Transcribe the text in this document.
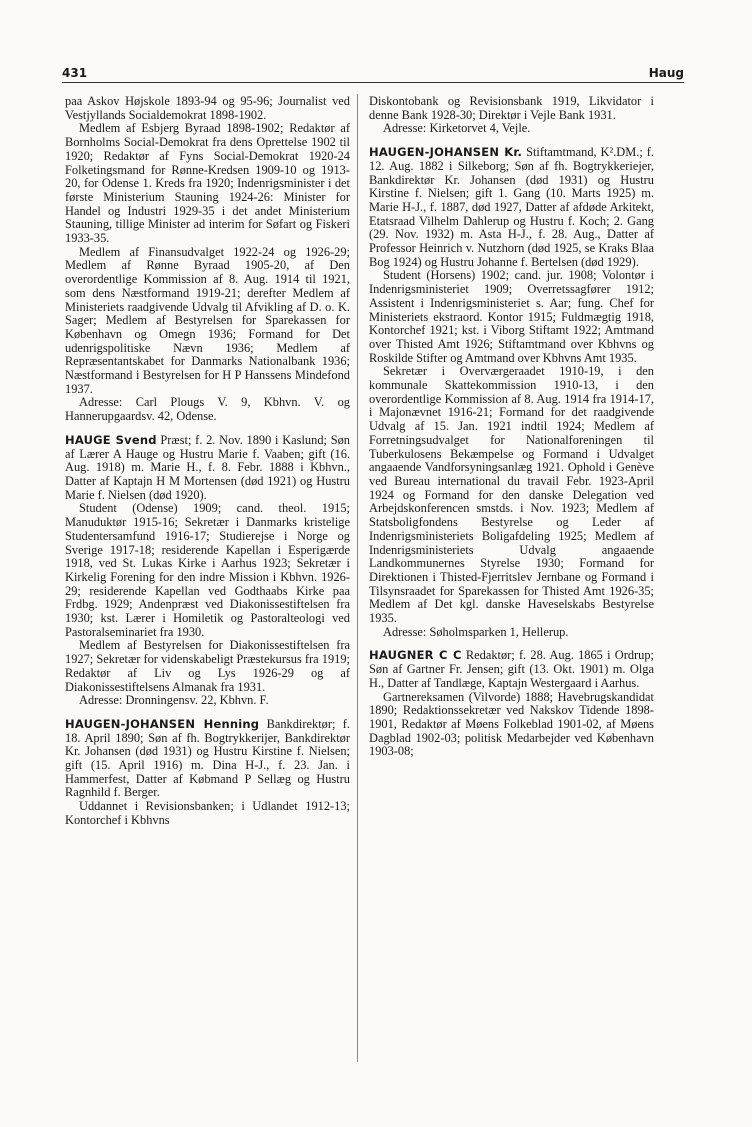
431	Haug

paa Askov Højskole 1893-94 og 95-96; Journalist ved Vestjyllands Socialdemokrat 1898-1902.

Medlem af Esbjerg Byraad 1898-1902; Redaktør af Bornholms Social-Demokrat fra dens Oprettelse 1902 til 1920; Redaktør af Fyns Social-Demokrat 1920-24 Folketingsmand for Rønne-Kredsen 1909-10 og 1913-20, for Odense 1. Kreds fra 1920; Indenrigsminister i det første Ministerium Stauning 1924-26: Minister for Handel og Industri 1929-35 i det andet Ministerium Stauning, tillige Minister ad interim for Søfart og Fiskeri 1933-35.

Medlem af Finansudvalget 1922-24 og 1926-29; Medlem af Rønne Byraad 1905-20, af Den overordentlige Kommission af 8. Aug. 1914 til 1921, som dens Næstformand 1919-21; derefter Medlem af Ministeriets raadgivende Udvalg til Afvikling af D. o. K. Sager; Medlem af Bestyrelsen for Sparekassen for København og Omegn 1936; Formand for Det udenrigspolitiske Nævn 1936; Medlem af Repræsentantskabet for Danmarks Nationalbank 1936; Næstformand i Bestyrelsen for H P Hanssens Mindefond 1937.

Adresse: Carl Plougs V. 9, Kbhvn. V. og Hannerupgaardsv. 42, Odense.

HAUGE Svend Præst; f. 2. Nov. 1890 i Kaslund; Søn af Lærer A Hauge og Hustru Marie f. Vaaben; gift (16. Aug. 1918) m. Marie H., f. 8. Febr. 1888 i Kbhvn., Datter af Kaptajn H M Mortensen (død 1921) og Hustru Marie f. Nielsen (død 1920).

Student (Odense) 1909; cand. theol. 1915; Manuduktør 1915-16; Sekretær i Danmarks kristelige Studentersamfund 1916-17; Studierejse i Norge og Sverige 1917-18; residerende Kapellan i Esperigærde 1918, ved St. Lukas Kirke i Aarhus 1923; Sekretær i Kirkelig Forening for den indre Mission i Kbhvn. 1926-29; residerende Kapellan ved Godthaabs Kirke paa Frdbg. 1929; Andenpræst ved Diakonissestiftelsen fra 1930; kst. Lærer i Homiletik og Pastoralteologi ved Pastoralseminariet fra 1930.

Medlem af Bestyrelsen for Diakonissestiftelsen fra 1927; Sekretær for videnskabeligt Præstekursus fra 1919; Redaktør af Liv og Lys 1926-29 og af Diakonissestiftelsens Almanak fra 1931.

Adresse: Dronningensv. 22, Kbhvn. F.

HAUGEN-JOHANSEN Henning Bankdirektør; f. 18. April 1890; Søn af fh. Bogtrykkerijer, Bankdirektør Kr. Johansen (død 1931) og Hustru Kirstine f. Nielsen; gift (15. April 1916) m. Dina H-J., f. 23. Jan. i Hammerfest, Datter af Købmand P Sellæg og Hustru Ragnhild f. Berger.

Uddannet i Revisionsbanken; i Udlandet 1912-13; Kontorchef i Kbhvns

Diskontobank og Revisionsbank 1919, Likvidator i denne Bank 1928-30; Direktør i Vejle Bank 1931.

Adresse: Kirketorvet 4, Vejle.

HAUGEN-JOHANSEN Kr. Stiftamtmand, K².DM.; f. 12. Aug. 1882 i Silkeborg; Søn af fh. Bogtrykkeriejer, Bankdirektør Kr. Johansen (død 1931) og Hustru Kirstine f. Nielsen; gift 1. Gang (10. Marts 1925) m. Marie H-J., f. 1887, død 1927, Datter af afdøde Arkitekt, Etatsraad Vilhelm Dahlerup og Hustru f. Koch; 2. Gang (29. Nov. 1932) m. Asta H-J., f. 28. Aug., Datter af Professor Heinrich v. Nutzhorn (død 1925, se Kraks Blaa Bog 1924) og Hustru Johanne f. Bertelsen (død 1929).

Student (Horsens) 1902; cand. jur. 1908; Volontør i Indenrigsministeriet 1909; Overretssagfører 1912; Assistent i Indenrigsministeriet s. Aar; fung. Chef for Ministeriets ekstraord. Kontor 1915; Fuldmægtig 1918, Kontorchef 1921; kst. i Viborg Stiftamt 1922; Amtmand over Thisted Amt 1926; Stiftamtmand over Kbhvns og Roskilde Stifter og Amtmand over Kbhvns Amt 1935.

Sekretær i Overværgeraadet 1910-19, i den kommunale Skattekommission 1910-13, i den overordentlige Kommission af 8. Aug. 1914 fra 1914-17, i Majonævnet 1916-21; Formand for det raadgivende Udvalg af 15. Jan. 1921 indtil 1924; Medlem af Forretningsudvalget for Nationalforeningen til Tuberkulosens Bekæmpelse og Formand i Udvalget angaaende Vandforsyningsanlæg 1921. Ophold i Genève ved Bureau international du travail Febr. 1923-April 1924 og Formand for den danske Delegation ved Arbejdskonferencen smstds. i Nov. 1923; Medlem af Statsboligfondens Bestyrelse og Leder af Indenrigsministeriets Boligafdeling 1925; Medlem af Indenrigsministeriets Udvalg angaaende Landkommunernes Styrelse 1930; Formand for Direktionen i Thisted-Fjerritslev Jernbane og Formand i Tilsynsraadet for Sparekassen for Thisted Amt 1926-35; Medlem af Det kgl. danske Haveselskabs Bestyrelse 1935.

Adresse: Søholmsparken 1, Hellerup.

HAUGNER C C Redaktør; f. 28. Aug. 1865 i Ordrup; Søn af Gartner Fr. Jensen; gift (13. Okt. 1901) m. Olga H., Datter af Tandlæge, Kaptajn Westergaard i Aarhus.

Gartnereksamen (Vilvorde) 1888; Havebrugskandidat 1890; Redaktionssekretær ved Nakskov Tidende 1898-1901, Redaktør af Møens Folkeblad 1901-02, af Møens Dagblad 1902-03; politisk Medarbejder ved København 1903-08;
